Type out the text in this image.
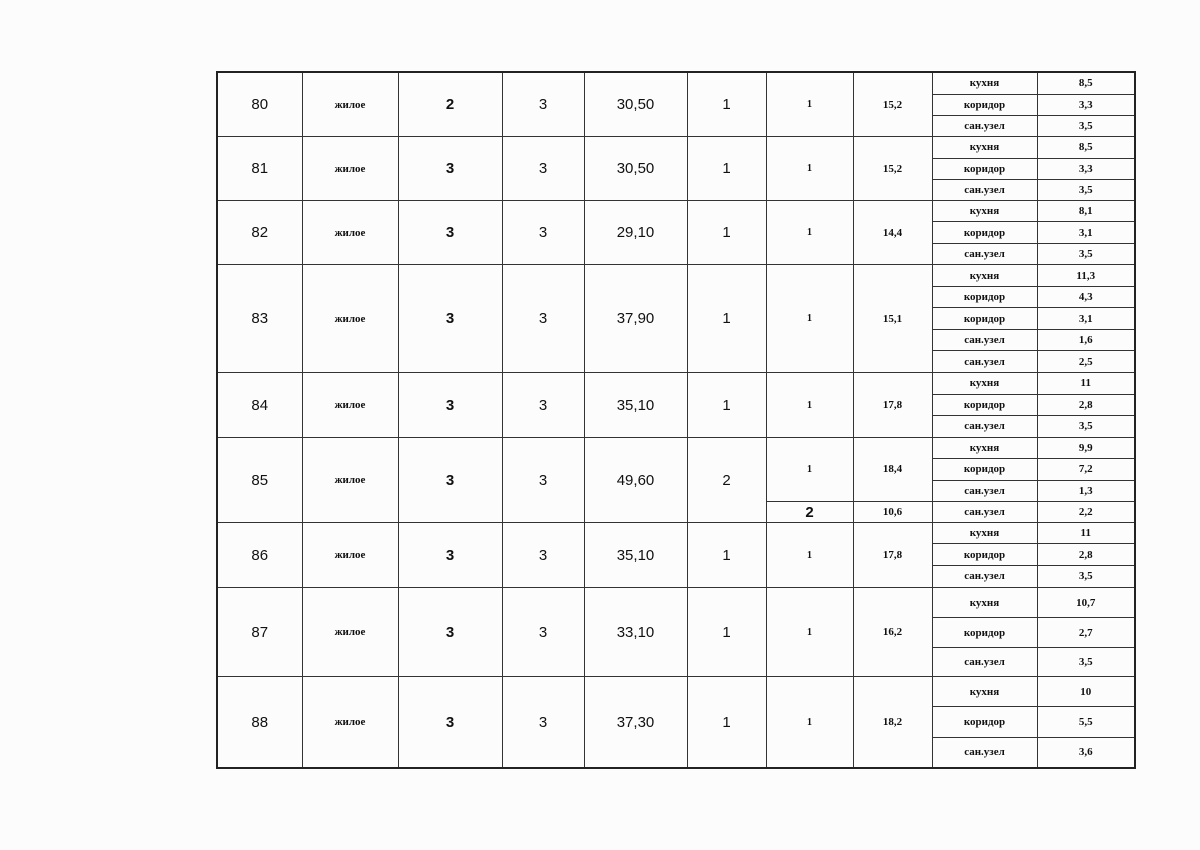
80	жилое	2	3	30,50	1	1	15,2	кухня	8,5
								коридор	3,3
								сан.узел	3,5
81	жилое	3	3	30,50	1	1	15,2	кухня	8,5
								коридор	3,3
								сан.узел	3,5
82	жилое	3	3	29,10	1	1	14,4	кухня	8,1
								коридор	3,1
								сан.узел	3,5
83	жилое	3	3	37,90	1	1	15,1	кухня	11,3
								коридор	4,3
								коридор	3,1
								сан.узел	1,6
								сан.узел	2,5
84	жилое	3	3	35,10	1	1	17,8	кухня	11
								коридор	2,8
								сан.узел	3,5
85	жилое	3	3	49,60	2	1	18,4	кухня	9,9
								коридор	7,2
								сан.узел	1,3
						2	10,6	сан.узел	2,2
86	жилое	3	3	35,10	1	1	17,8	кухня	11
								коридор	2,8
								сан.узел	3,5
87	жилое	3	3	33,10	1	1	16,2	кухня	10,7
								коридор	2,7
								сан.узел	3,5
88	жилое	3	3	37,30	1	1	18,2	кухня	10
								коридор	5,5
								сан.узел	3,6
